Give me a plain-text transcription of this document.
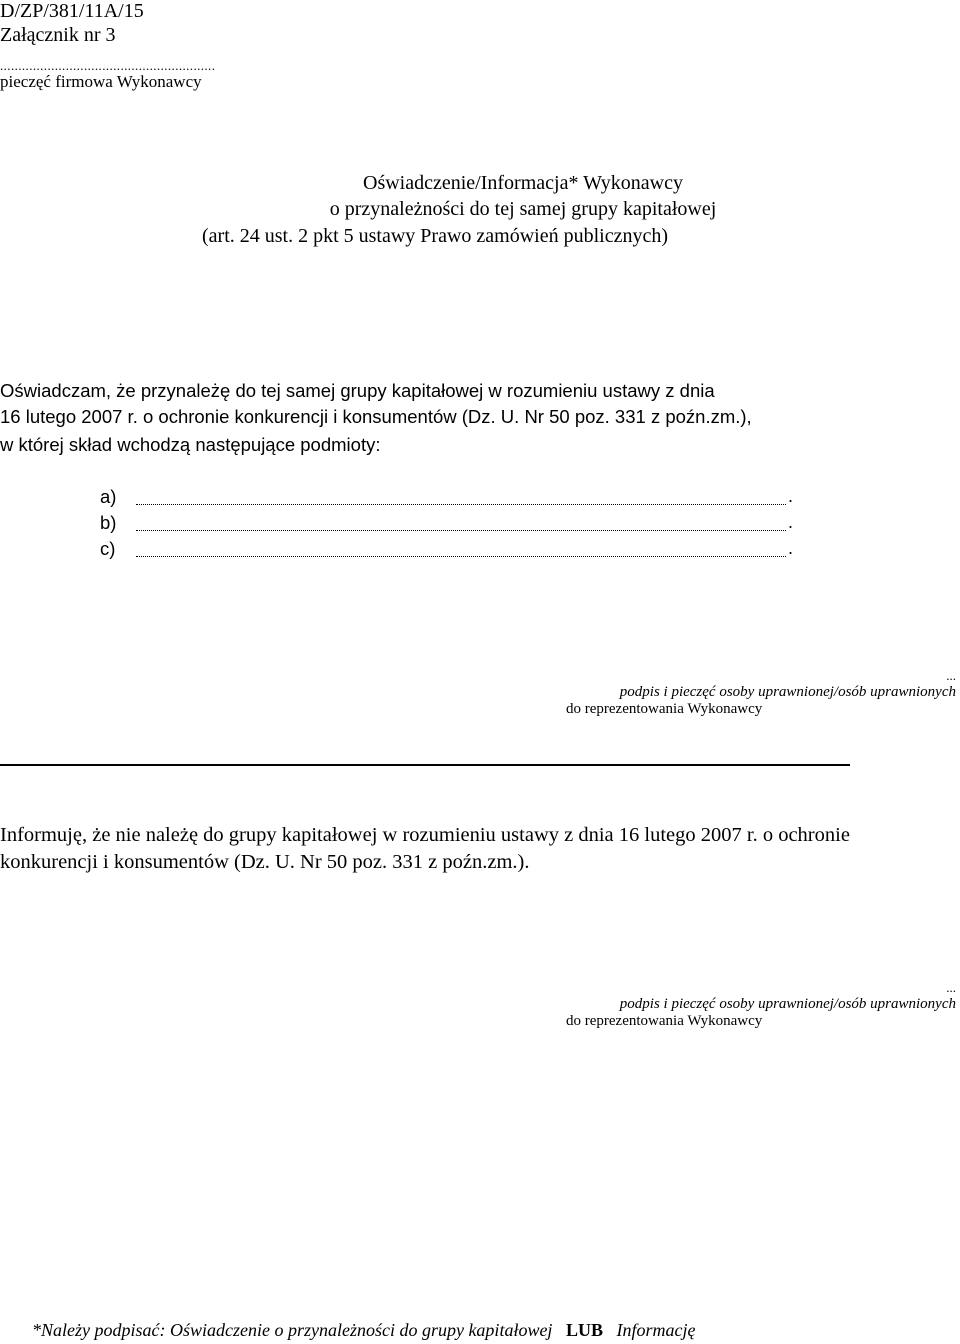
D/ZP/381/11A/15

Załącznik nr 3

...........................................................

pieczęć firmowa Wykonawcy

Oświadczenie/Informacja* Wykonawcy

o przynależności do tej samej grupy kapitałowej

(art. 24 ust. 2 pkt 5 ustawy Prawo zamówień publicznych)

Oświadczam, że przynależę do tej samej grupy kapitałowej w rozumieniu ustawy z dnia

16 lutego 2007 r. o ochronie konkurencji i konsumentów (Dz. U. Nr 50 poz. 331 z poźn.zm.),

w której skład wchodzą następujące podmioty:

a)	.

b)	.

c)	.

...

podpis i pieczęć osoby uprawnionej/osób uprawnionych

do reprezentowania Wykonawcy

Informuję, że nie należę do grupy kapitałowej w rozumieniu ustawy z dnia 16 lutego 2007 r. o ochronie

konkurencji i konsumentów (Dz. U. Nr 50 poz. 331 z poźn.zm.).

...

podpis i pieczęć osoby uprawnionej/osób uprawnionych

do reprezentowania Wykonawcy

*Należy podpisać: Oświadczenie o przynależności do grupy kapitałowej LUB Informację
